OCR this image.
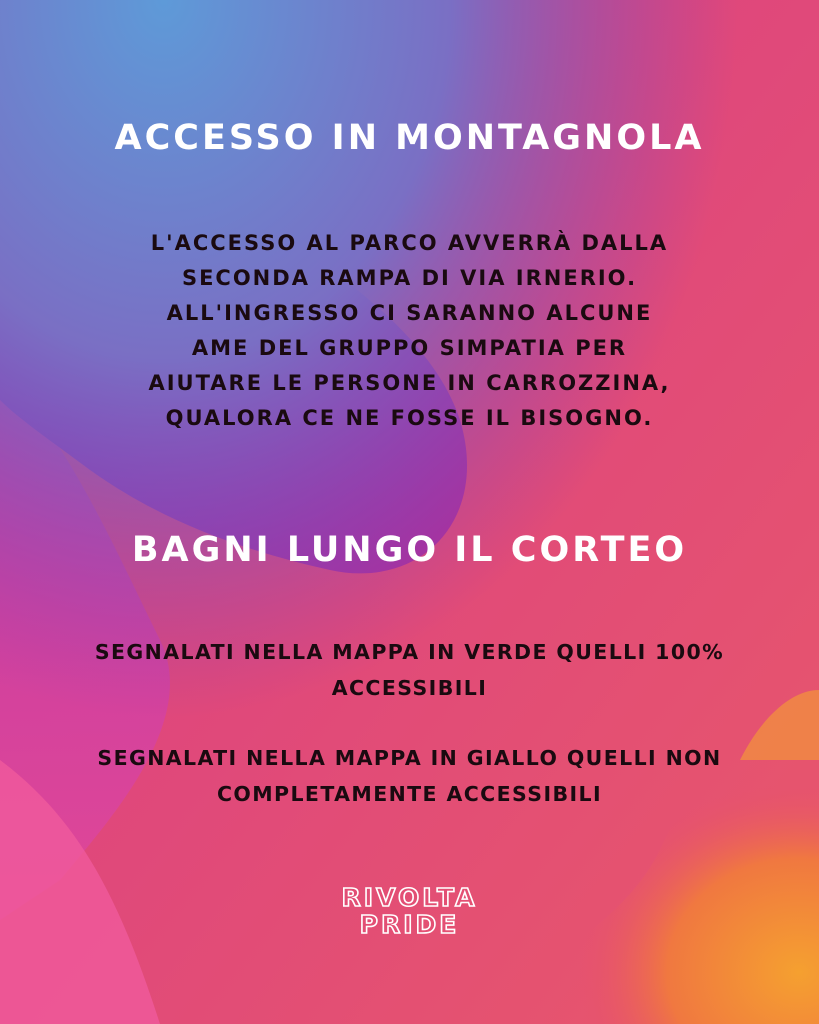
ACCESSO IN MONTAGNOLA
L'ACCESSO AL PARCO AVVERRÀ DALLA
SECONDA RAMPA DI VIA IRNERIO.
ALL'INGRESSO CI SARANNO ALCUNE
AME DEL GRUPPO SIMPATIA PER
AIUTARE LE PERSONE IN CARROZZINA,
QUALORA CE NE FOSSE IL BISOGNO.
BAGNI LUNGO IL CORTEO
SEGNALATI NELLA MAPPA IN VERDE QUELLI 100%
ACCESSIBILI
SEGNALATI NELLA MAPPA IN GIALLO QUELLI NON
COMPLETAMENTE ACCESSIBILI
RIVOLTA
PRIDE
